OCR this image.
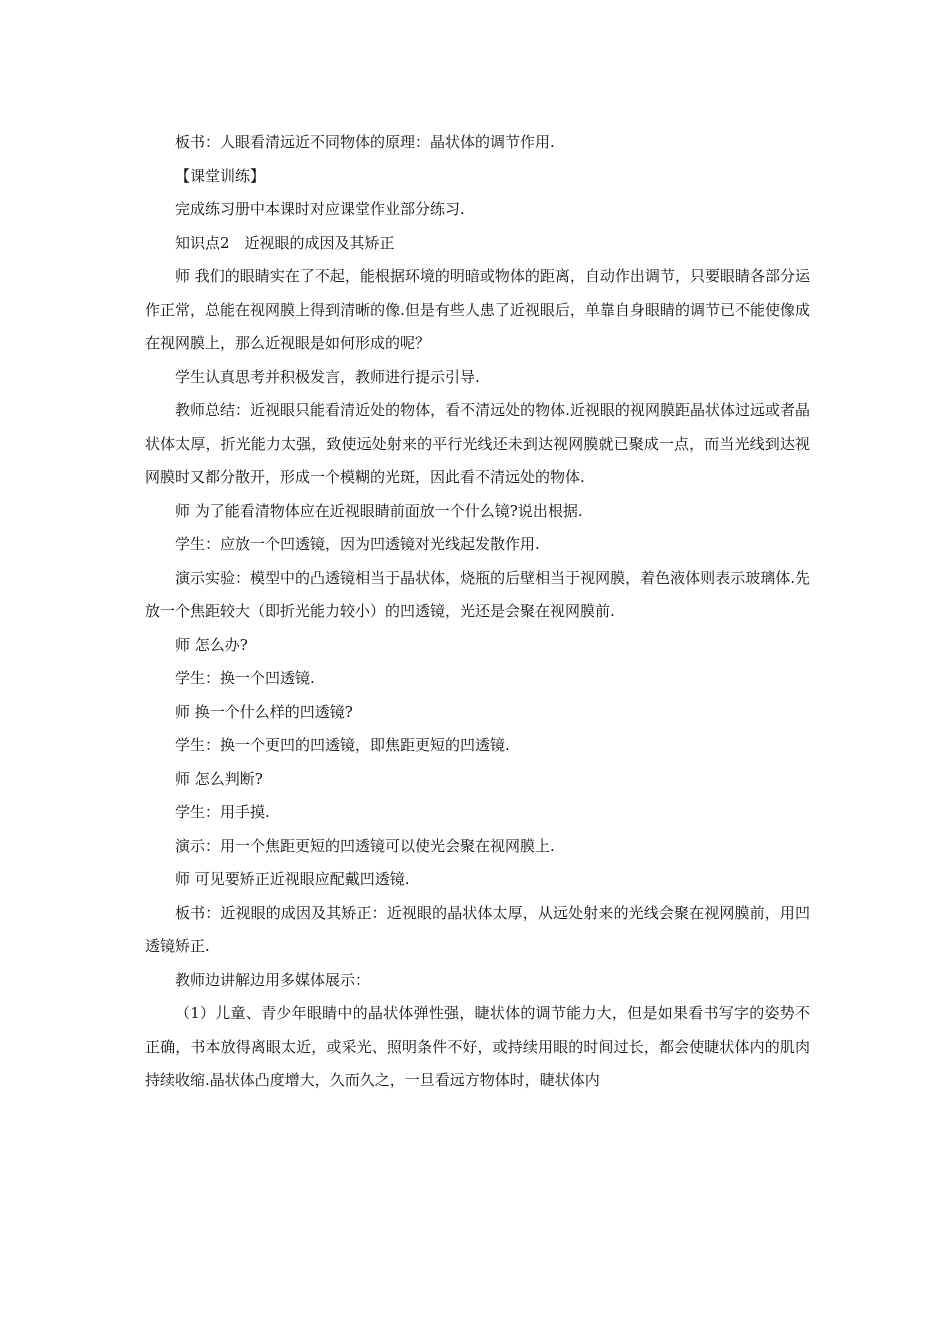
板书：人眼看清远近不同物体的原理：晶状体的调节作用.

【课堂训练】

完成练习册中本课时对应课堂作业部分练习.

知识点2　近视眼的成因及其矫正

师 我们的眼睛实在了不起，能根据环境的明暗或物体的距离，自动作出调节，只要眼睛各部分运作正常，总能在视网膜上得到清晰的像.但是有些人患了近视眼后，单靠自身眼睛的调节已不能使像成在视网膜上，那么近视眼是如何形成的呢？

学生认真思考并积极发言，教师进行提示引导.

教师总结：近视眼只能看清近处的物体，看不清远处的物体.近视眼的视网膜距晶状体过远或者晶状体太厚，折光能力太强，致使远处射来的平行光线还未到达视网膜就已聚成一点，而当光线到达视网膜时又都分散开，形成一个模糊的光斑，因此看不清远处的物体.

师 为了能看清物体应在近视眼睛前面放一个什么镜?说出根据.

学生：应放一个凹透镜，因为凹透镜对光线起发散作用.

演示实验：模型中的凸透镜相当于晶状体，烧瓶的后壁相当于视网膜，着色液体则表示玻璃体.先放一个焦距较大（即折光能力较小）的凹透镜，光还是会聚在视网膜前.

师 怎么办?

学生：换一个凹透镜.

师 换一个什么样的凹透镜?

学生：换一个更凹的凹透镜，即焦距更短的凹透镜.

师 怎么判断?

学生：用手摸.

演示：用一个焦距更短的凹透镜可以使光会聚在视网膜上.

师 可见要矫正近视眼应配戴凹透镜.

板书：近视眼的成因及其矫正：近视眼的晶状体太厚，从远处射来的光线会聚在视网膜前，用凹透镜矫正.

教师边讲解边用多媒体展示：

（1）儿童、青少年眼睛中的晶状体弹性强，睫状体的调节能力大，但是如果看书写字的姿势不正确，书本放得离眼太近，或采光、照明条件不好，或持续用眼的时间过长，都会使睫状体内的肌肉持续收缩.晶状体凸度增大，久而久之，一旦看远方物体时，睫状体内
